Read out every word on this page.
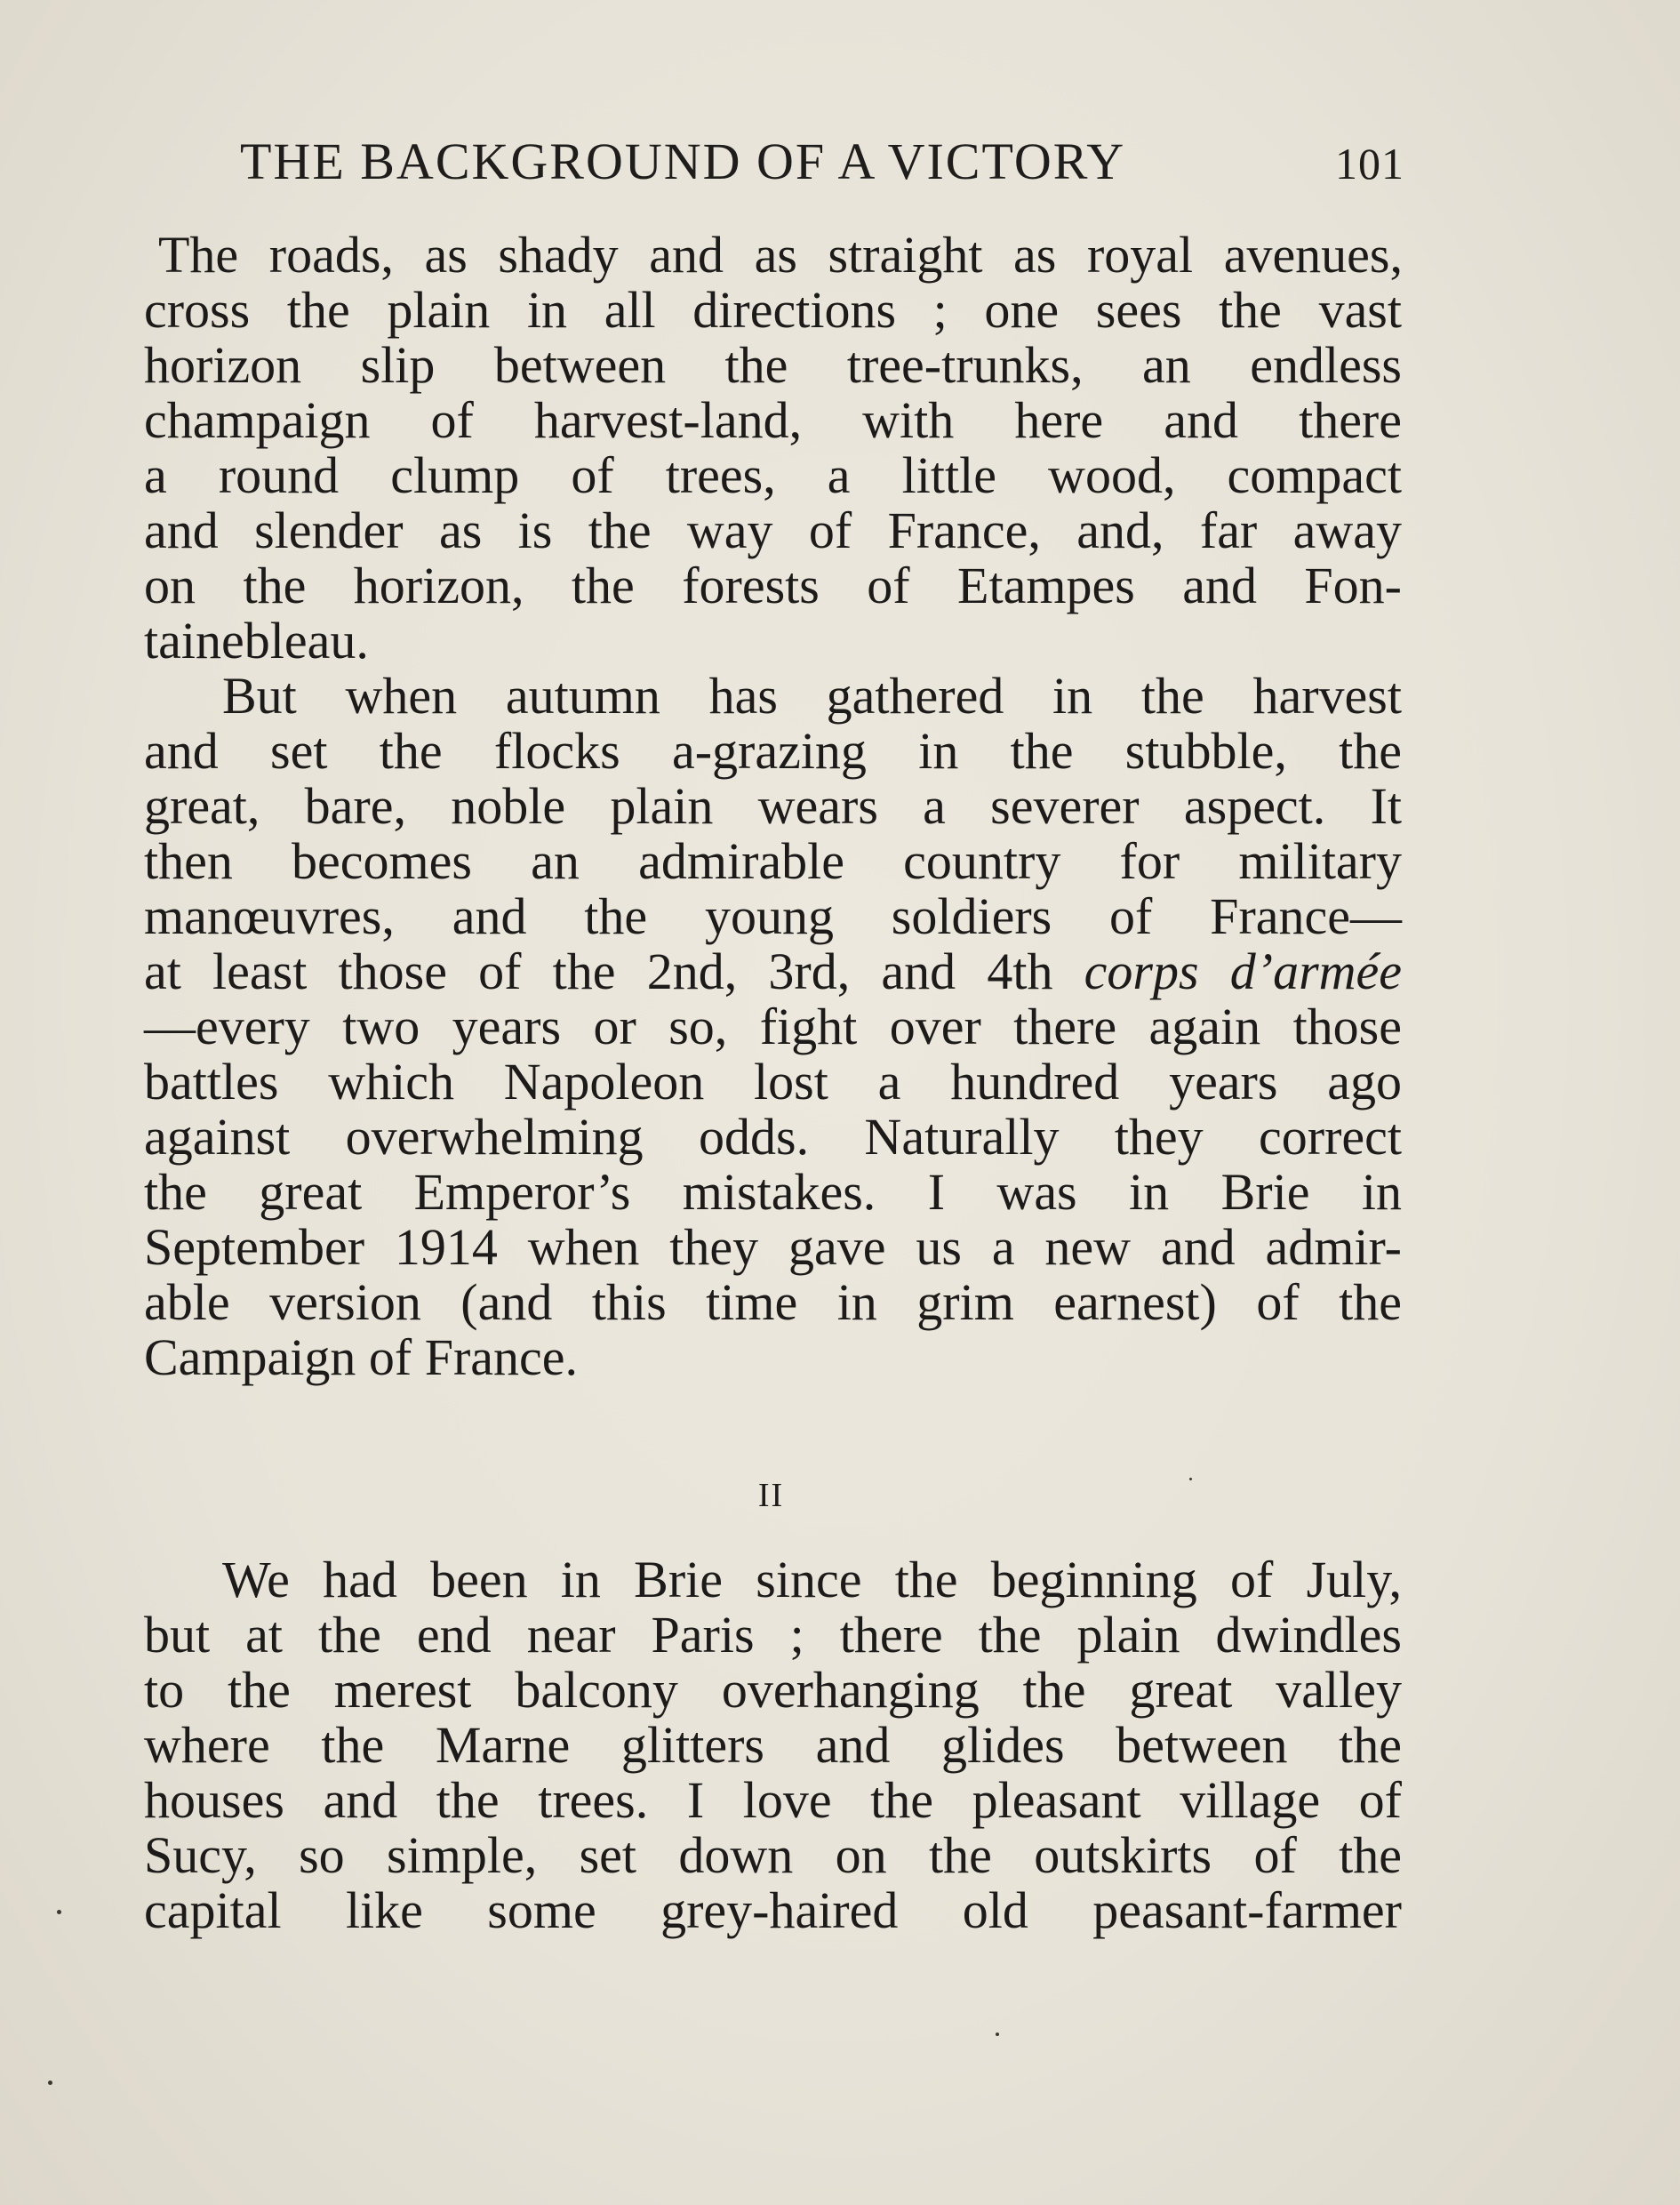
THE BACKGROUND OF A VICTORY	101
The roads, as shady and as straight as royal avenues,
cross the plain in all directions ; one sees the vast
horizon slip between the tree-trunks, an endless
champaign of harvest-land, with here and there
a round clump of trees, a little wood, compact
and slender as is the way of France, and, far away
on the horizon, the forests of Etampes and Fon-
tainebleau.
But when autumn has gathered in the harvest
and set the flocks a-grazing in the stubble, the
great, bare, noble plain wears a severer aspect. It
then becomes an admirable country for military
manœuvres, and the young soldiers of France—
at least those of the 2nd, 3rd, and 4th corps d’armée
—every two years or so, fight over there again those
battles which Napoleon lost a hundred years ago
against overwhelming odds. Naturally they correct
the great Emperor’s mistakes. I was in Brie in
September 1914 when they gave us a new and admir-
able version (and this time in grim earnest) of the
Campaign of France.
II
We had been in Brie since the beginning of July,
but at the end near Paris ; there the plain dwindles
to the merest balcony overhanging the great valley
where the Marne glitters and glides between the
houses and the trees. I love the pleasant village of
Sucy, so simple, set down on the outskirts of the
capital like some grey-haired old peasant-farmer
